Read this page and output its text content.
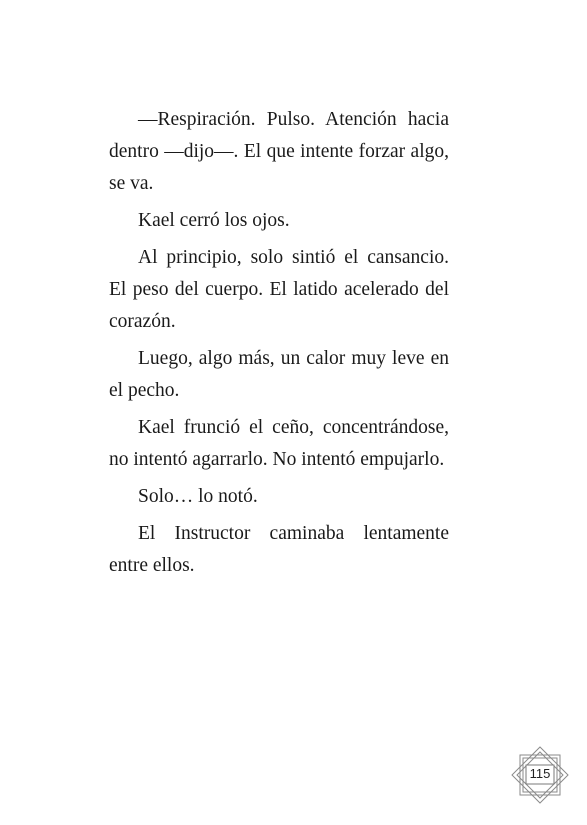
—Respiración. Pulso. Atención hacia dentro —dijo—. El que intente forzar algo, se va.

Kael cerró los ojos.

Al principio, solo sintió el cansancio. El peso del cuerpo. El latido acelerado del corazón.

Luego, algo más, un calor muy leve en el pecho.

Kael frunció el ceño, concentrándose, no intentó agarrarlo. No intentó empujarlo.

Solo… lo notó.

El Instructor caminaba lentamente entre ellos.

115
